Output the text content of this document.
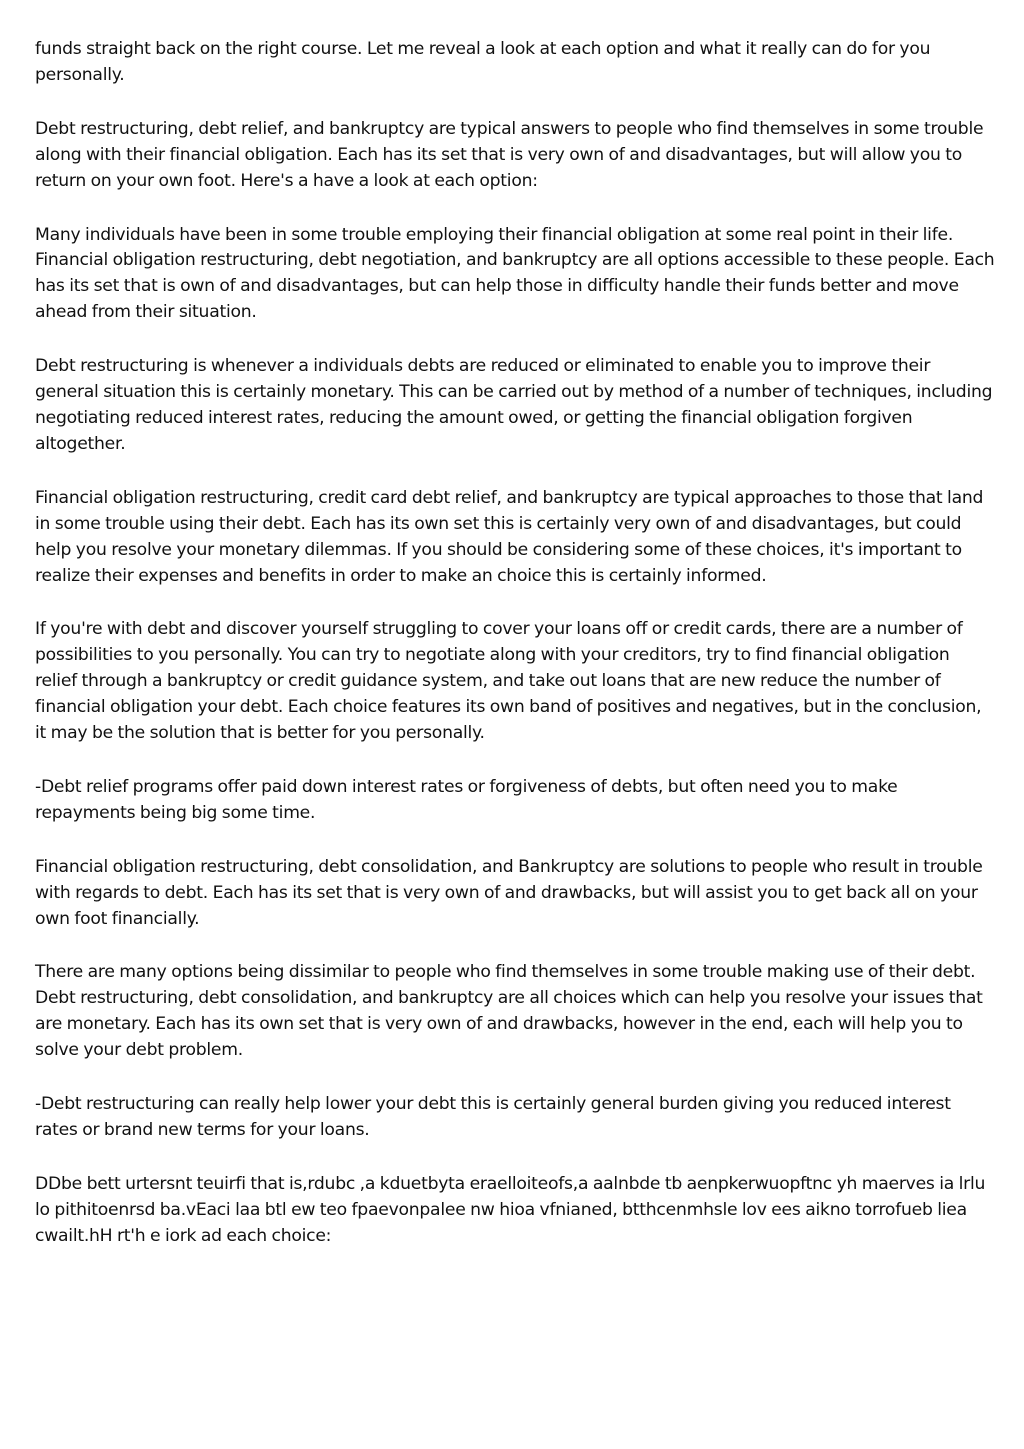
funds straight back on the right course. Let me reveal a look at each option and what it really can do for you personally.

Debt restructuring, debt relief, and bankruptcy are typical answers to people who find themselves in some trouble along with their financial obligation. Each has its set that is very own of and disadvantages, but will allow you to return on your own foot. Here's a have a look at each option:

Many individuals have been in some trouble employing their financial obligation at some real point in their life. Financial obligation restructuring, debt negotiation, and bankruptcy are all options accessible to these people. Each has its set that is own of and disadvantages, but can help those in difficulty handle their funds better and move ahead from their situation.

Debt restructuring is whenever a individuals debts are reduced or eliminated to enable you to improve their general situation this is certainly monetary. This can be carried out by method of a number of techniques, including negotiating reduced interest rates, reducing the amount owed, or getting the financial obligation forgiven altogether.

Financial obligation restructuring, credit card debt relief, and bankruptcy are typical approaches to those that land in some trouble using their debt. Each has its own set this is certainly very own of and disadvantages, but could help you resolve your monetary dilemmas. If you should be considering some of these choices, it's important to realize their expenses and benefits in order to make an choice this is certainly informed.

If you're with debt and discover yourself struggling to cover your loans off or credit cards, there are a number of possibilities to you personally. You can try to negotiate along with your creditors, try to find financial obligation relief through a bankruptcy or credit guidance system, and take out loans that are new reduce the number of financial obligation your debt. Each choice features its own band of positives and negatives, but in the conclusion, it may be the solution that is better for you personally.

-Debt relief programs offer paid down interest rates or forgiveness of debts, but often need you to make repayments being big some time.

Financial obligation restructuring, debt consolidation, and Bankruptcy are solutions to people who result in trouble with regards to debt. Each has its set that is very own of and drawbacks, but will assist you to get back all on your own foot financially.

There are many options being dissimilar to people who find themselves in some trouble making use of their debt. Debt restructuring, debt consolidation, and bankruptcy are all choices which can help you resolve your issues that are monetary. Each has its own set that is very own of and drawbacks, however in the end, each will help you to solve your debt problem.

-Debt restructuring can really help lower your debt this is certainly general burden giving you reduced interest rates or brand new terms for your loans.

DDbe bett urtersnt teuirfi that is,rdubc ,a kduetbyta eraelloiteofs,a aalnbde tb aenpkerwuopftnc yh maerves ia lrlu lo pithitoenrsd ba.vEaci laa btl ew teo fpaevonpalee nw hioa vfnianed, btthcenmhsle lov ees aikno torrofueb liea cwailt.hH rt'h e iork ad each choice:
